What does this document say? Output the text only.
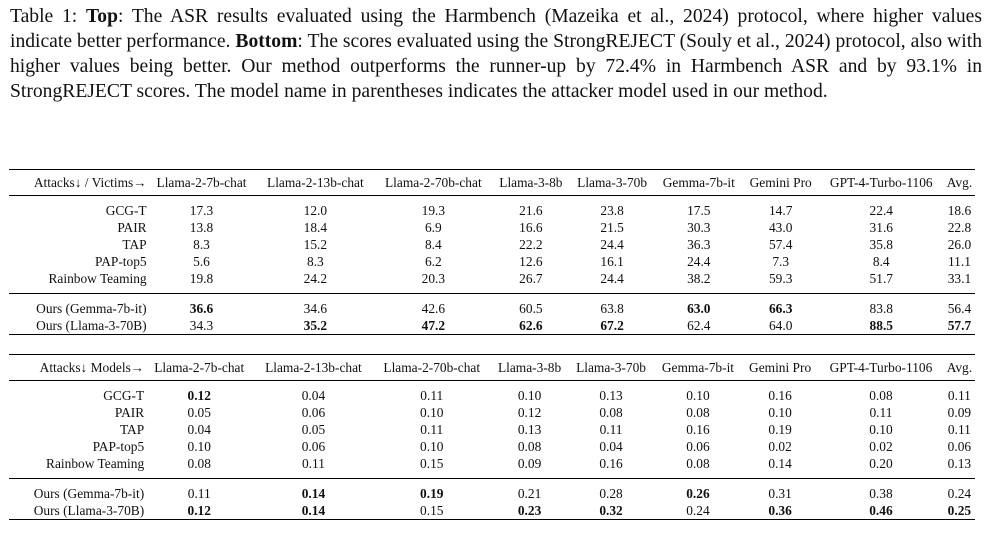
Table 1: Top: The ASR results evaluated using the Harmbench (Mazeika et al., 2024) protocol, where higher values indicate better performance. Bottom: The scores evaluated using the StrongREJECT (Souly et al., 2024) protocol, also with higher values being better. Our method outperforms the runner-up by 72.4% in Harmbench ASR and by 93.1% in StrongREJECT scores. The model name in parentheses indicates the attacker model used in our method.
Attacks↓ / Victims→	Llama-2-7b-chat	Llama-2-13b-chat	Llama-2-70b-chat	Llama-3-8b	Llama-3-70b	Gemma-7b-it	Gemini Pro	GPT-4-Turbo-1106	Avg.

GCG-T	17.3	12.0	19.3	21.6	23.8	17.5	14.7	22.4	18.6
PAIR	13.8	18.4	6.9	16.6	21.5	30.3	43.0	31.6	22.8
TAP	8.3	15.2	8.4	22.2	24.4	36.3	57.4	35.8	26.0
PAP-top5	5.6	8.3	6.2	12.6	16.1	24.4	7.3	8.4	11.1
Rainbow Teaming	19.8	24.2	20.3	26.7	24.4	38.2	59.3	51.7	33.1

Ours (Gemma-7b-it)	36.6	34.6	42.6	60.5	63.8	63.0	66.3	83.8	56.4
Ours (Llama-3-70B)	34.3	35.2	47.2	62.6	67.2	62.4	64.0	88.5	57.7
Attacks↓ Models→	Llama-2-7b-chat	Llama-2-13b-chat	Llama-2-70b-chat	Llama-3-8b	Llama-3-70b	Gemma-7b-it	Gemini Pro	GPT-4-Turbo-1106	Avg.

GCG-T	0.12	0.04	0.11	0.10	0.13	0.10	0.16	0.08	0.11
PAIR	0.05	0.06	0.10	0.12	0.08	0.08	0.10	0.11	0.09
TAP	0.04	0.05	0.11	0.13	0.11	0.16	0.19	0.10	0.11
PAP-top5	0.10	0.06	0.10	0.08	0.04	0.06	0.02	0.02	0.06
Rainbow Teaming	0.08	0.11	0.15	0.09	0.16	0.08	0.14	0.20	0.13

Ours (Gemma-7b-it)	0.11	0.14	0.19	0.21	0.28	0.26	0.31	0.38	0.24
Ours (Llama-3-70B)	0.12	0.14	0.15	0.23	0.32	0.24	0.36	0.46	0.25
